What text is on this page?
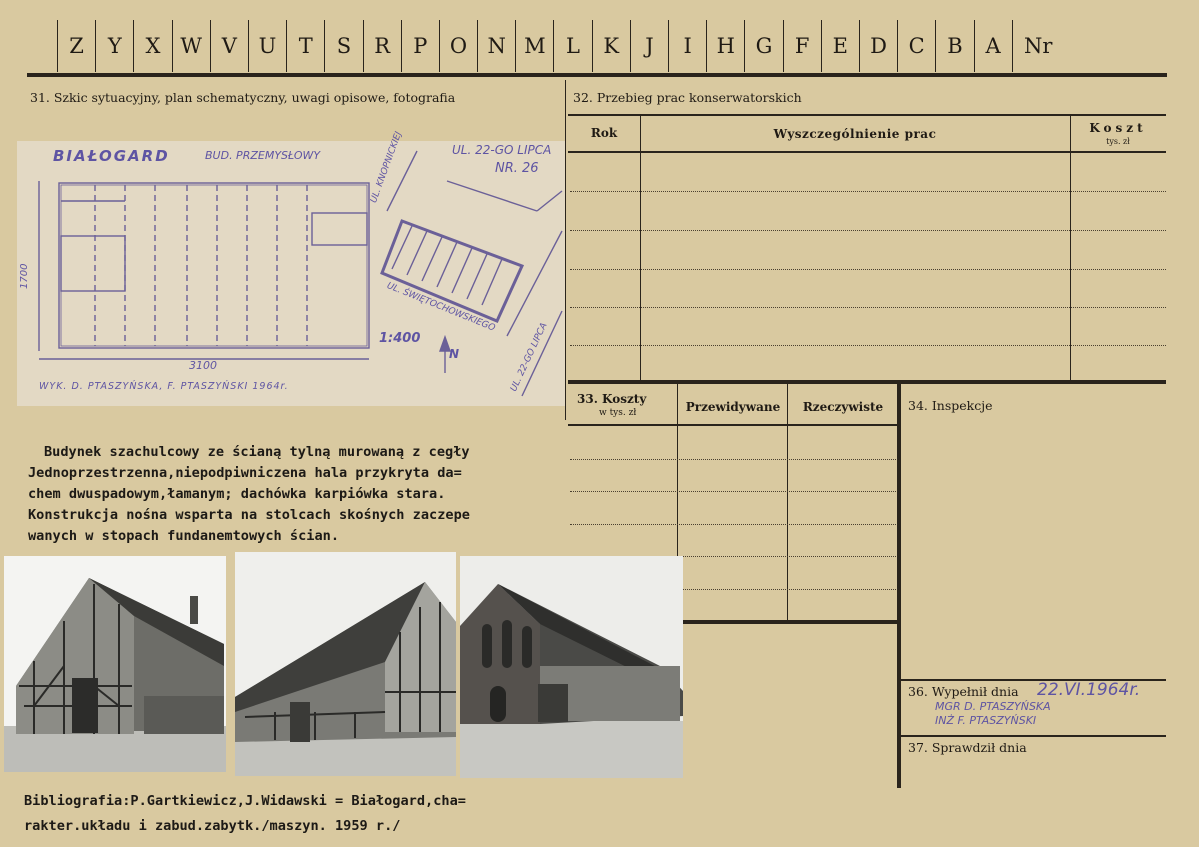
Z	Y	X W V	U	T	S	R	P	O N M L	K	J	I	H G	F	E	D	C	B	A	Nr
31. Szkic sytuacyjny, plan schematyczny, uwagi opisowe, fotografia
BIAŁOGARD	BUD. PRZEMYSŁOWY	UL. 22-GO LIPCA
NR. 26
UL. KNOPNICKIEJ
UL. ŚWIĘTOCHOWSKIEGO
UL. 22-GO LIPCA
1700
3100
1:400
N
WYK. D. PTASZYŃSKA, F. PTASZYŃSKI 1964r.
Budynek szachulcowy ze ścianą tylną murowaną z cegły
Jednoprzestrzenna,niepodpiwniczena hala przykryta da=
chem dwuspadowym,łamanym; dachówka karpiówka stara.
Konstrukcja nośna wsparta na stolcach skośnych zaczepe
wanych w stopach fundanemtowych ścian.
32. Przebieg prac konserwatorskich
Rok	Wyszczególnienie prac	Koszt
tys. zł
33. Koszty
w tys. zł	Przewidywane	Rzeczywiste	34. Inspekcje
36. Wypełnił dnia 22.VI.1964r.
MGR D. PTASZYŃSKA
INŻ F. PTASZYŃSKI
37. Sprawdził dnia
Bibliografia:P.Gartkiewicz,J.Widawski = Białogard,cha=
rakter.układu i zabud.zabytk./maszyn. 1959 r./
